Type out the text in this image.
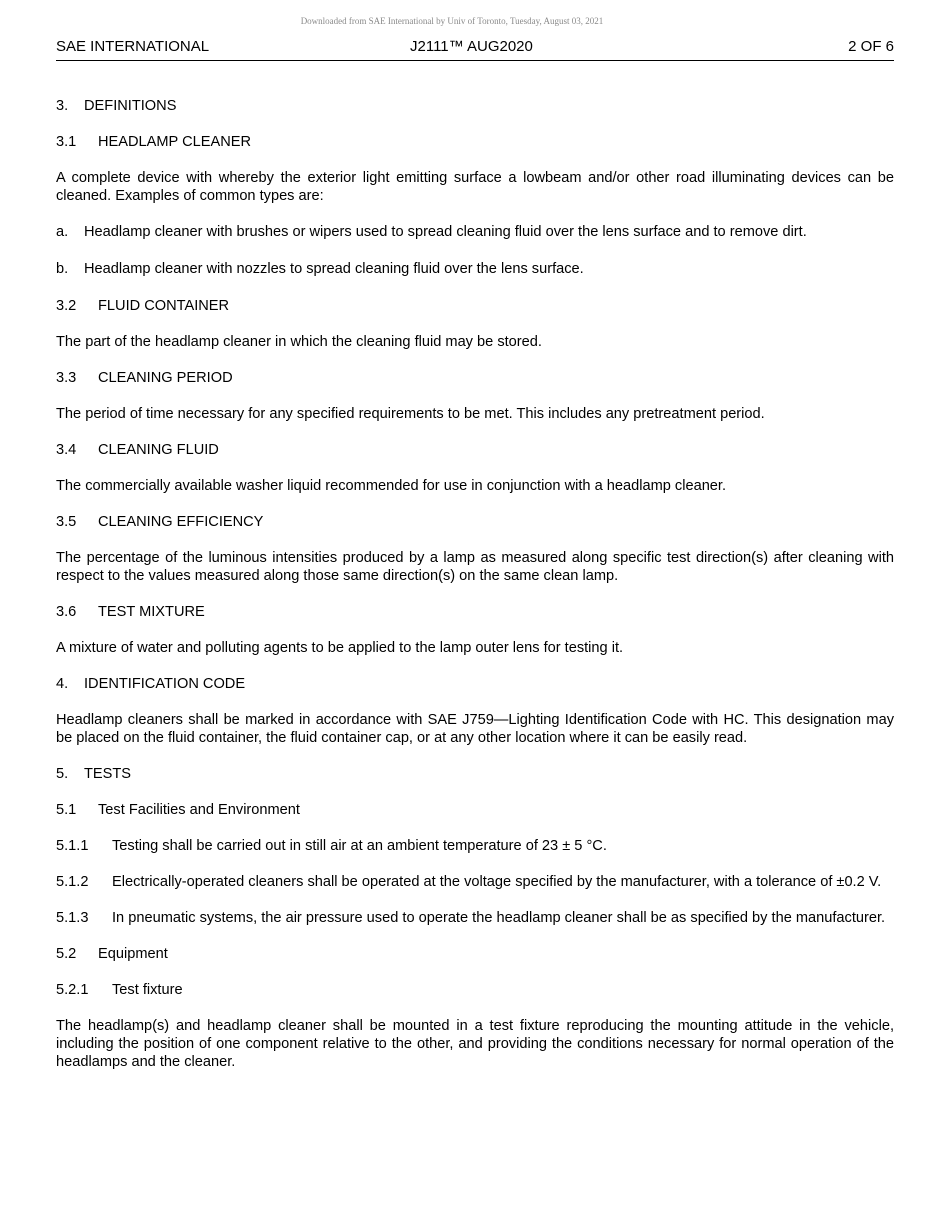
Downloaded from SAE International by Univ of Toronto, Tuesday, August 03, 2021
SAE INTERNATIONAL	J2111™ AUG2020	2 OF 6

3. DEFINITIONS

3.1 HEADLAMP CLEANER

A complete device with whereby the exterior light emitting surface a lowbeam and/or other road illuminating devices can be cleaned. Examples of common types are:

a. Headlamp cleaner with brushes or wipers used to spread cleaning fluid over the lens surface and to remove dirt.

b. Headlamp cleaner with nozzles to spread cleaning fluid over the lens surface.

3.2 FLUID CONTAINER

The part of the headlamp cleaner in which the cleaning fluid may be stored.

3.3 CLEANING PERIOD

The period of time necessary for any specified requirements to be met. This includes any pretreatment period.

3.4 CLEANING FLUID

The commercially available washer liquid recommended for use in conjunction with a headlamp cleaner.

3.5 CLEANING EFFICIENCY

The percentage of the luminous intensities produced by a lamp as measured along specific test direction(s) after cleaning with respect to the values measured along those same direction(s) on the same clean lamp.

3.6 TEST MIXTURE

A mixture of water and polluting agents to be applied to the lamp outer lens for testing it.

4. IDENTIFICATION CODE

Headlamp cleaners shall be marked in accordance with SAE J759—Lighting Identification Code with HC. This designation may be placed on the fluid container, the fluid container cap, or at any other location where it can be easily read.

5. TESTS

5.1 Test Facilities and Environment

5.1.1	Testing shall be carried out in still air at an ambient temperature of 23 ± 5 °C.
5.1.2	Electrically-operated cleaners shall be operated at the voltage specified by the manufacturer, with a tolerance of ±0.2 V.
5.1.3	In pneumatic systems, the air pressure used to operate the headlamp cleaner shall be as specified by the manufacturer.

5.2 Equipment

5.2.1 Test fixture

The headlamp(s) and headlamp cleaner shall be mounted in a test fixture reproducing the mounting attitude in the vehicle, including the position of one component relative to the other, and providing the conditions necessary for normal operation of the headlamps and the cleaner.
